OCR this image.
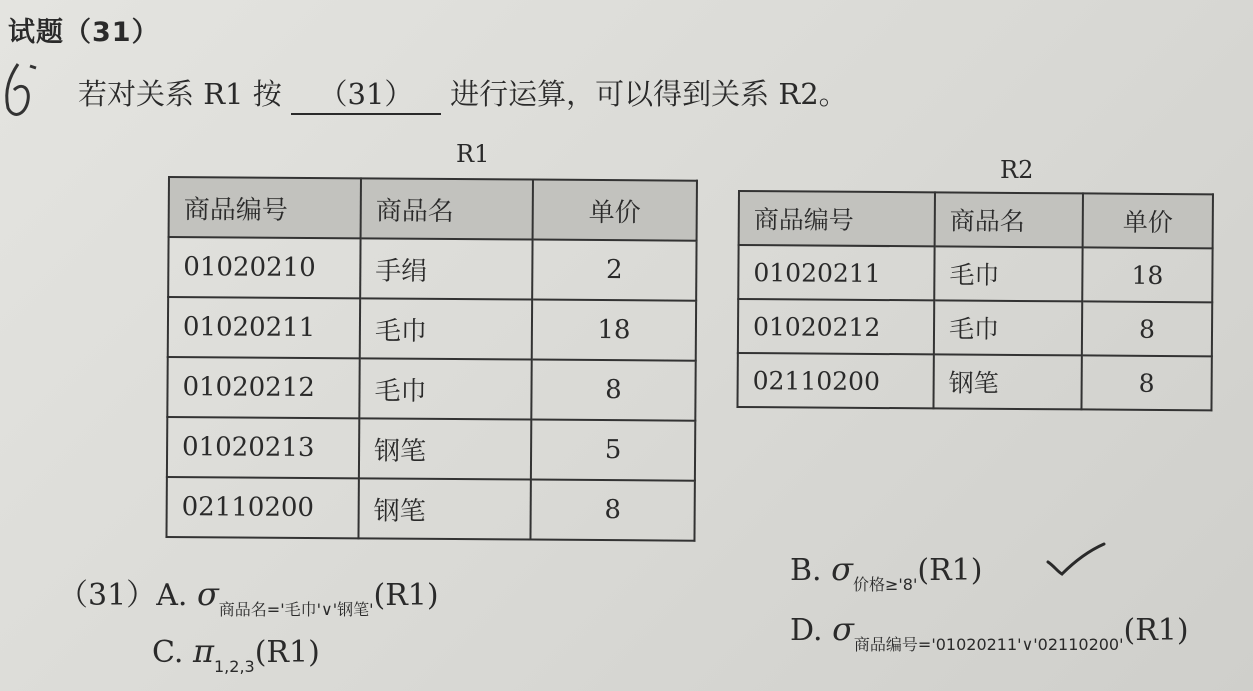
试题（31）
若对关系 R1 按 （31） 进行运算，可以得到关系 R2。
R1
商品编号	商品名	单价
01020210	手绢	2
01020211	毛巾	18
01020212	毛巾	8
01020213	钢笔	5
02110200	钢笔	8
R2
商品编号	商品名	单价
01020211	毛巾	18
01020212	毛巾	8
02110200	钢笔	8
（31）A. $\sigma_{商品名='毛巾'\vee'钢笔'}(R1)$
B. $\sigma_{价格\ge'8'}(R1)$
C. $\pi_{1,2,3}(R1)$
D. $\sigma_{商品编号='01020211'\vee'02110200'}(R1)$
